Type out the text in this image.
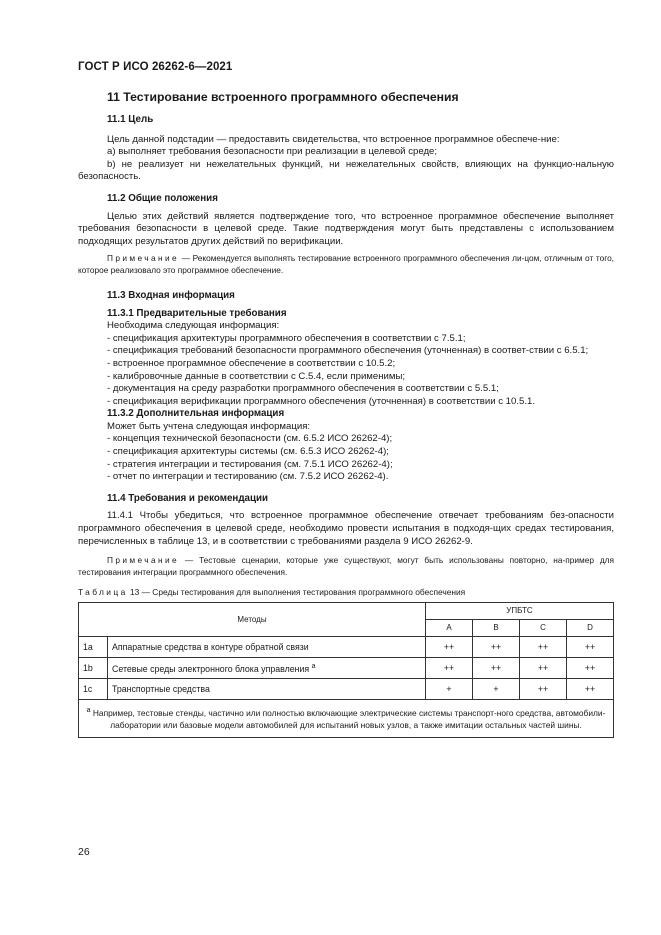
ГОСТ Р ИСО 26262-6—2021

11 Тестирование встроенного программного обеспечения

11.1 Цель

Цель данной подстадии — предоставить свидетельства, что встроенное программное обеспече-ние:

a) выполняет требования безопасности при реализации в целевой среде;
b) не реализует ни нежелательных функций, ни нежелательных свойств, влияющих на функцио-нальную безопасность.

11.2 Общие положения

Целью этих действий является подтверждение того, что встроенное программное обеспечение выполняет требования безопасности в целевой среде. Такие подтверждения могут быть представлены с использованием подходящих результатов других действий по верификации.

Примечание — Рекомендуется выполнять тестирование встроенного программного обеспечения ли-цом, отличным от того, которое реализовало это программное обеспечение.

11.3 Входная информация

11.3.1 Предварительные требования

Необходима следующая информация:

- спецификация архитектуры программного обеспечения в соответствии с 7.5.1;
- спецификация требований безопасности программного обеспечения (уточненная) в соответ-ствии с 6.5.1;
- встроенное программное обеспечение в соответствии с 10.5.2;
- калибровочные данные в соответствии с С.5.4, если применимы;
- документация на среду разработки программного обеспечения в соответствии с 5.5.1;
- спецификация верификации программного обеспечения (уточненная) в соответствии с 10.5.1.

11.3.2 Дополнительная информация

Может быть учтена следующая информация:

- концепция технической безопасности (см. 6.5.2 ИСО 26262-4);
- спецификация архитектуры системы (см. 6.5.3 ИСО 26262-4);
- стратегия интеграции и тестирования (см. 7.5.1 ИСО 26262-4);
- отчет по интеграции и тестированию (см. 7.5.2 ИСО 26262-4).

11.4 Требования и рекомендации

11.4.1 Чтобы убедиться, что встроенное программное обеспечение отвечает требованиям без-опасности программного обеспечения в целевой среде, необходимо провести испытания в подходя-щих средах тестирования, перечисленных в таблице 13, и в соответствии с требованиями раздела 9 ИСО 26262-9.

Примечание — Тестовые сценарии, которые уже существуют, могут быть использованы повторно, на-пример для тестирования интеграции программного обеспечения.

Таблица 13 — Среды тестирования для выполнения тестирования программного обеспечения

Методы		УПБТС			
		A	B	C	D
1a	Аппаратные средства в контуре обратной связи	++	++	++	++
1b	Сетевые среды электронного блока управления $^a$	++	++	++	++
1c	Транспортные средства	+	+	++	++
$^a$ Например, тестовые стенды, частично или полностью включающие электрические системы транспорт-ного средства, автомобили-лаборатории или базовые модели автомобилей для испытаний новых узлов, а также имитации остальных частей шины.					
26
